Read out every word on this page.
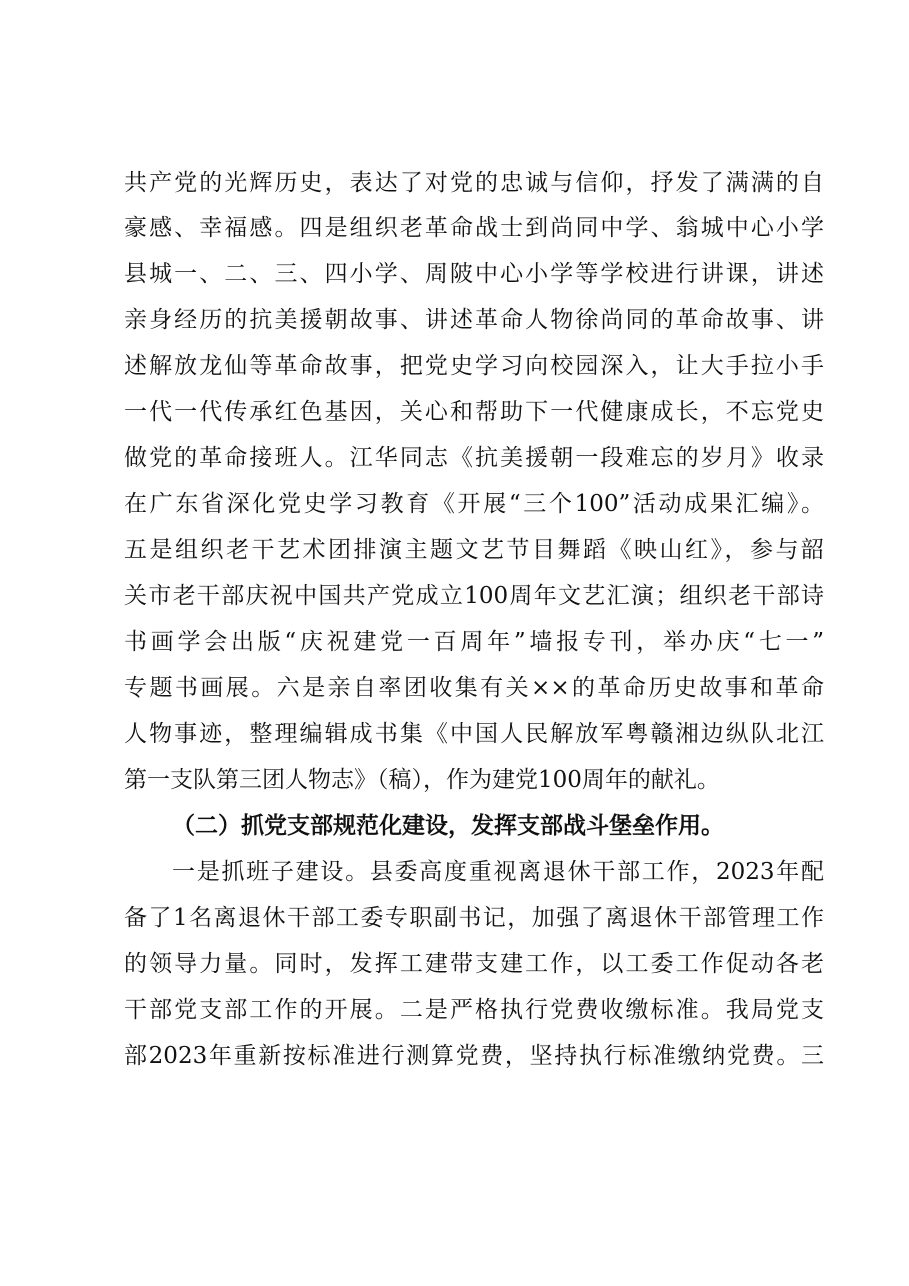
共产党的光辉历史，表达了对党的忠诚与信仰，抒发了满满的自
豪感、幸福感。四是组织老革命战士到尚同中学、翁城中心小学
县城一、二、三、四小学、周陂中心小学等学校进行讲课，讲述
亲身经历的抗美援朝故事、讲述革命人物徐尚同的革命故事、讲
述解放龙仙等革命故事，把党史学习向校园深入，让大手拉小手
一代一代传承红色基因，关心和帮助下一代健康成长，不忘党史
做党的革命接班人。江华同志《抗美援朝一段难忘的岁月》收录
在广东省深化党史学习教育《开展“三个100”活动成果汇编》。
五是组织老干艺术团排演主题文艺节目舞蹈《映山红》，参与韶
关市老干部庆祝中国共产党成立100周年文艺汇演；组织老干部诗
书画学会出版“庆祝建党一百周年”墙报专刊，举办庆“七一”
专题书画展。六是亲自率团收集有关××的革命历史故事和革命
人物事迹，整理编辑成书集《中国人民解放军粤赣湘边纵队北江
第一支队第三团人物志》（稿），作为建党100周年的献礼。
（二）抓党支部规范化建设，发挥支部战斗堡垒作用。
一是抓班子建设。县委高度重视离退休干部工作，2023年配
备了1名离退休干部工委专职副书记，加强了离退休干部管理工作
的领导力量。同时，发挥工建带支建工作，以工委工作促动各老
干部党支部工作的开展。二是严格执行党费收缴标准。我局党支
部2023年重新按标准进行测算党费，坚持执行标准缴纳党费。三
